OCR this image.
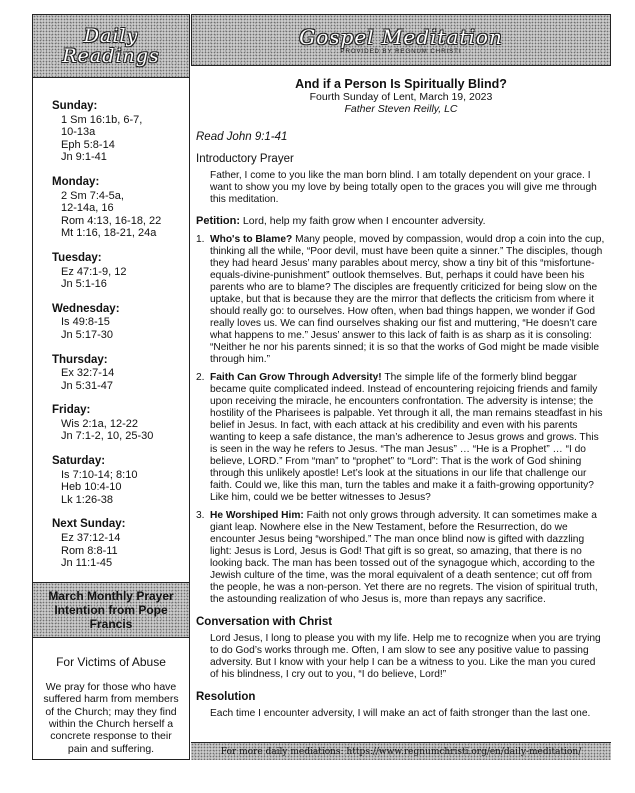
Daily
Readings
Sunday:
1 Sm 16:1b, 6-7,
10-13a
Eph 5:8-14
Jn 9:1-41
Monday:
2 Sm 7:4-5a,
12-14a, 16
Rom 4:13, 16-18, 22
Mt 1:16, 18-21, 24a
Tuesday:
Ez 47:1-9, 12
Jn 5:1-16
Wednesday:
Is 49:8-15
Jn 5:17-30
Thursday:
Ex 32:7-14
Jn 5:31-47
Friday:
Wis 2:1a, 12-22
Jn 7:1-2, 10, 25-30
Saturday:
Is 7:10-14; 8:10
Heb 10:4-10
Lk 1:26-38
Next Sunday:
Ez 37:12-14
Rom 8:8-11
Jn 11:1-45
March Monthly Prayer Intention from Pope Francis
For Victims of Abuse
We pray for those who have suffered harm from members of the Church; may they find within the Church herself a concrete response to their pain and suffering.
Gospel Meditation
PROVIDED BY REGNUM CHRISTI
And if a Person Is Spiritually Blind?
Fourth Sunday of Lent, March 19, 2023
Father Steven Reilly, LC
Read John 9:1-41
Introductory Prayer
Father, I come to you like the man born blind. I am totally dependent on your grace. I want to show you my love by being totally open to the graces you will give me through this meditation.
Petition: Lord, help my faith grow when I encounter adversity.
1. Who's to Blame? Many people, moved by compassion, would drop a coin into the cup, thinking all the while, “Poor devil, must have been quite a sinner.” The disciples, though they had heard Jesus’ many parables about mercy, show a tiny bit of this “misfortune-equals-divine-punishment” outlook themselves. But, perhaps it could have been his parents who are to blame? The disciples are frequently criticized for being slow on the uptake, but that is because they are the mirror that deflects the criticism from where it should really go: to ourselves. How often, when bad things happen, we wonder if God really loves us. We can find ourselves shaking our fist and muttering, “He doesn’t care what happens to me.” Jesus’ answer to this lack of faith is as sharp as it is consoling: “Neither he nor his parents sinned; it is so that the works of God might be made visible through him.”
2. Faith Can Grow Through Adversity! The simple life of the formerly blind beggar became quite complicated indeed. Instead of encountering rejoicing friends and family upon receiving the miracle, he encounters confrontation. The adversity is intense; the hostility of the Pharisees is palpable. Yet through it all, the man remains steadfast in his belief in Jesus. In fact, with each attack at his credibility and even with his parents wanting to keep a safe distance, the man’s adherence to Jesus grows and grows. This is seen in the way he refers to Jesus. “The man Jesus” … “He is a Prophet” … “I do believe, LORD.” From “man” to “prophet” to “Lord”: That is the work of God shining through this unlikely apostle! Let’s look at the situations in our life that challenge our faith. Could we, like this man, turn the tables and make it a faith-growing opportunity? Like him, could we be better witnesses to Jesus?
3. He Worshiped Him: Faith not only grows through adversity. It can sometimes make a giant leap. Nowhere else in the New Testament, before the Resurrection, do we encounter Jesus being “worshiped.” The man once blind now is gifted with dazzling light: Jesus is Lord, Jesus is God! That gift is so great, so amazing, that there is no looking back. The man has been tossed out of the synagogue which, according to the Jewish culture of the time, was the moral equivalent of a death sentence; cut off from the people, he was a non-person. Yet there are no regrets. The vision of spiritual truth, the astounding realization of who Jesus is, more than repays any sacrifice.
Conversation with Christ
Lord Jesus, I long to please you with my life. Help me to recognize when you are trying to do God’s works through me. Often, I am slow to see any positive value to passing adversity. But I know with your help I can be a witness to you. Like the man you cured of his blindness, I cry out to you, “I do believe, Lord!”
Resolution
Each time I encounter adversity, I will make an act of faith stronger than the last one.
For more daily mediations: https://www.regnumchristi.org/en/daily-meditation/
